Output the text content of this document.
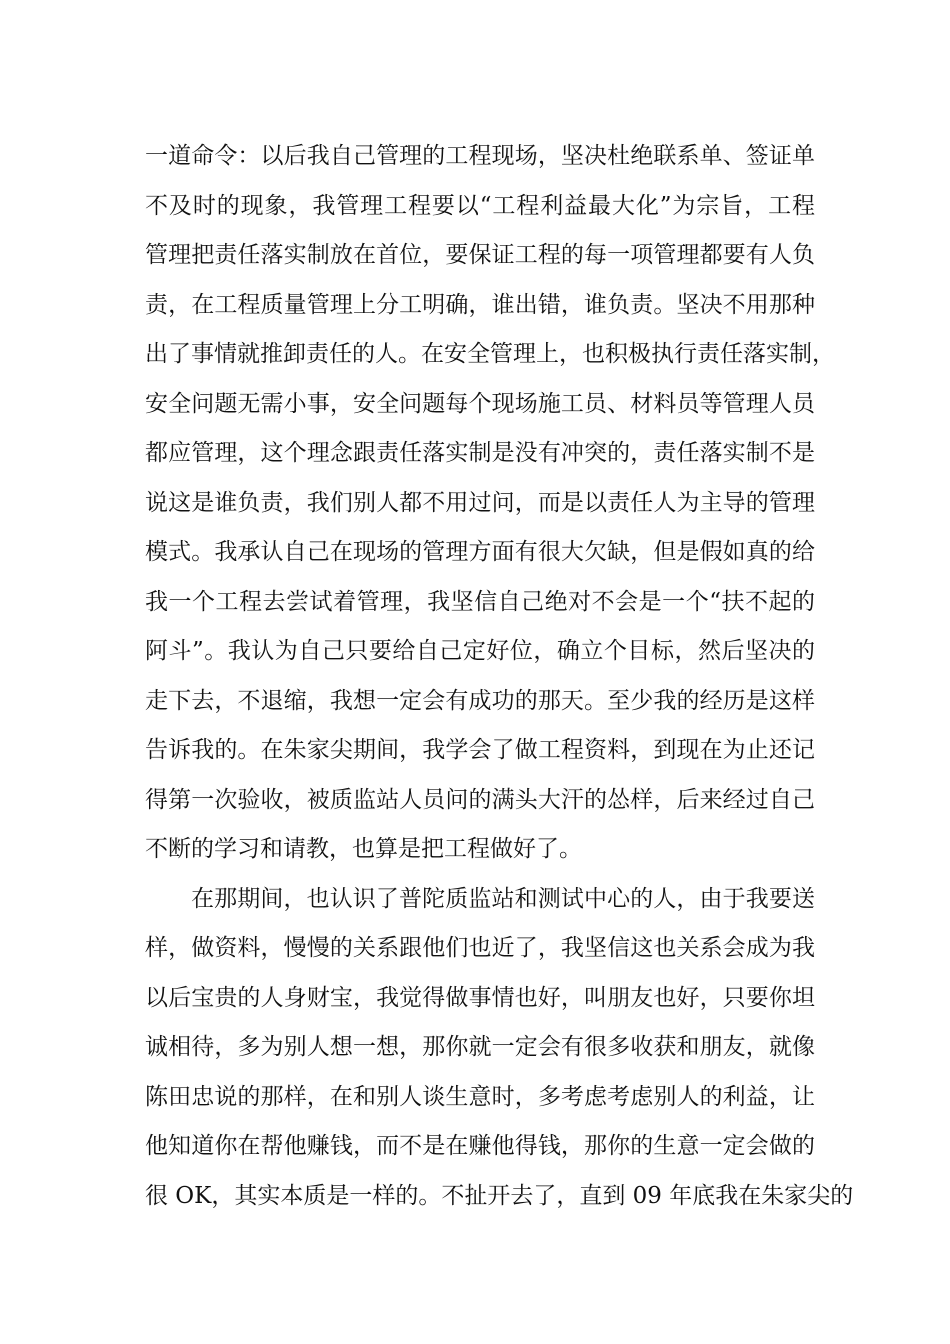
一道命令：以后我自己管理的工程现场，坚决杜绝联系单、签证单
不及时的现象，我管理工程要以“工程利益最大化”为宗旨，工程
管理把责任落实制放在首位，要保证工程的每一项管理都要有人负
责，在工程质量管理上分工明确，谁出错，谁负责。坚决不用那种
出了事情就推卸责任的人。在安全管理上，也积极执行责任落实制，
安全问题无需小事，安全问题每个现场施工员、材料员等管理人员
都应管理，这个理念跟责任落实制是没有冲突的，责任落实制不是
说这是谁负责，我们别人都不用过问，而是以责任人为主导的管理
模式。我承认自己在现场的管理方面有很大欠缺，但是假如真的给
我一个工程去尝试着管理，我坚信自己绝对不会是一个“扶不起的
阿斗”。我认为自己只要给自己定好位，确立个目标，然后坚决的
走下去，不退缩，我想一定会有成功的那天。至少我的经历是这样
告诉我的。在朱家尖期间，我学会了做工程资料，到现在为止还记
得第一次验收，被质监站人员问的满头大汗的怂样，后来经过自己
不断的学习和请教，也算是把工程做好了。
在那期间，也认识了普陀质监站和测试中心的人，由于我要送
样，做资料，慢慢的关系跟他们也近了，我坚信这也关系会成为我
以后宝贵的人身财宝，我觉得做事情也好，叫朋友也好，只要你坦
诚相待，多为别人想一想，那你就一定会有很多收获和朋友，就像
陈田忠说的那样，在和别人谈生意时，多考虑考虑别人的利益，让
他知道你在帮他赚钱，而不是在赚他得钱，那你的生意一定会做的
很 OK，其实本质是一样的。不扯开去了，直到 09 年底我在朱家尖的
